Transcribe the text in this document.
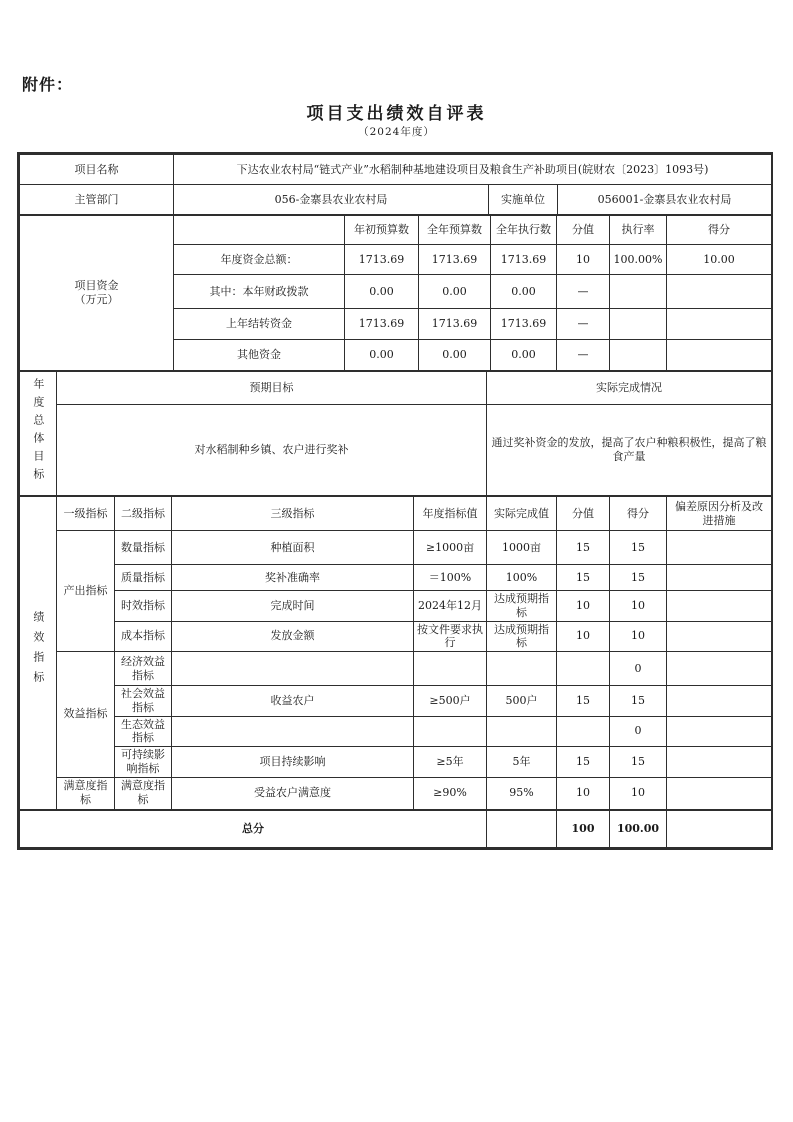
附件：
项目支出绩效自评表
（2024年度）
项目名称	下达农业农村局“链式产业”水稻制种基地建设项目及粮食生产补助项目(皖财农〔2023〕1093号)		
主管部门	056-金寨县农业农村局	实施单位	056001-金寨县农业农村局
项目资金
（万元）		年初预算数	全年预算数	全年执行数	分值	执行率	得分
	年度资金总额：	1713.69	1713.69	1713.69	10	100.00%	10.00
	其中：本年财政拨款	0.00	0.00	0.00	—		
	上年结转资金	1713.69	1713.69	1713.69	—		
	其他资金	0.00	0.00	0.00	—		
年度总体目标	预期目标	实际完成情况
	对水稻制种乡镇、农户进行奖补	通过奖补资金的发放，提高了农户种粮积极性，提高了粮食产量
绩效指标	一级指标	二级指标	三级指标	年度指标值	实际完成值	分值	得分	偏差原因分析及改进措施
	产出指标	数量指标	种植面积	≥1000亩	1000亩	15	15	
		质量指标	奖补准确率	＝100%	100%	15	15	
		时效指标	完成时间	2024年12月	达成预期指标	10	10	
		成本指标	发放金额	按文件要求执行	达成预期指标	10	10	
	效益指标	经济效益指标					0	
		社会效益指标	收益农户	≥500户	500户	15	15	
		生态效益指标					0	
		可持续影响指标	项目持续影响	≥5年	5年	15	15	
	满意度指标	满意度指标	受益农户满意度	≥90%	95%	10	10	
总分		100	100.00	
